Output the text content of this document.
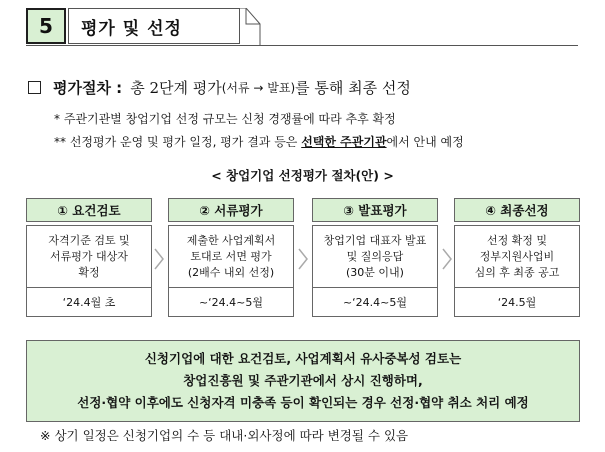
5	평가 및 선정
평가절차 : 총 2단계 평가 (서류 → 발표) 를 통해 최종 선정
* 주관기관별 창업기업 선정 규모는 신청 경쟁률에 따라 추후 확정
** 선정평가 운영 및 평가 일정, 평가 결과 등은 선택한 주관기관에서 안내 예정
< 창업기업 선정평가 절차(안) >
① 요건검토
자격기준 검토 및
서류평가 대상자
확정
‘24.4월 초
② 서류평가
제출한 사업계획서
토대로 서면 평가
(2배수 내외 선정)
~‘24.4~5월
③ 발표평가
창업기업 대표자 발표
및 질의응답
(30분 이내)
~‘24.4~5월
④ 최종선정
선정 확정 및
정부지원사업비
심의 후 최종 공고
‘24.5월
신청기업에 대한 요건검토, 사업계획서 유사중복성 검토는
창업진흥원 및 주관기관에서 상시 진행하며,
선정·협약 이후에도 신청자격 미충족 등이 확인되는 경우 선정·협약 취소 처리 예정
※ 상기 일정은 신청기업의 수 등 대내·외사정에 따라 변경될 수 있음
